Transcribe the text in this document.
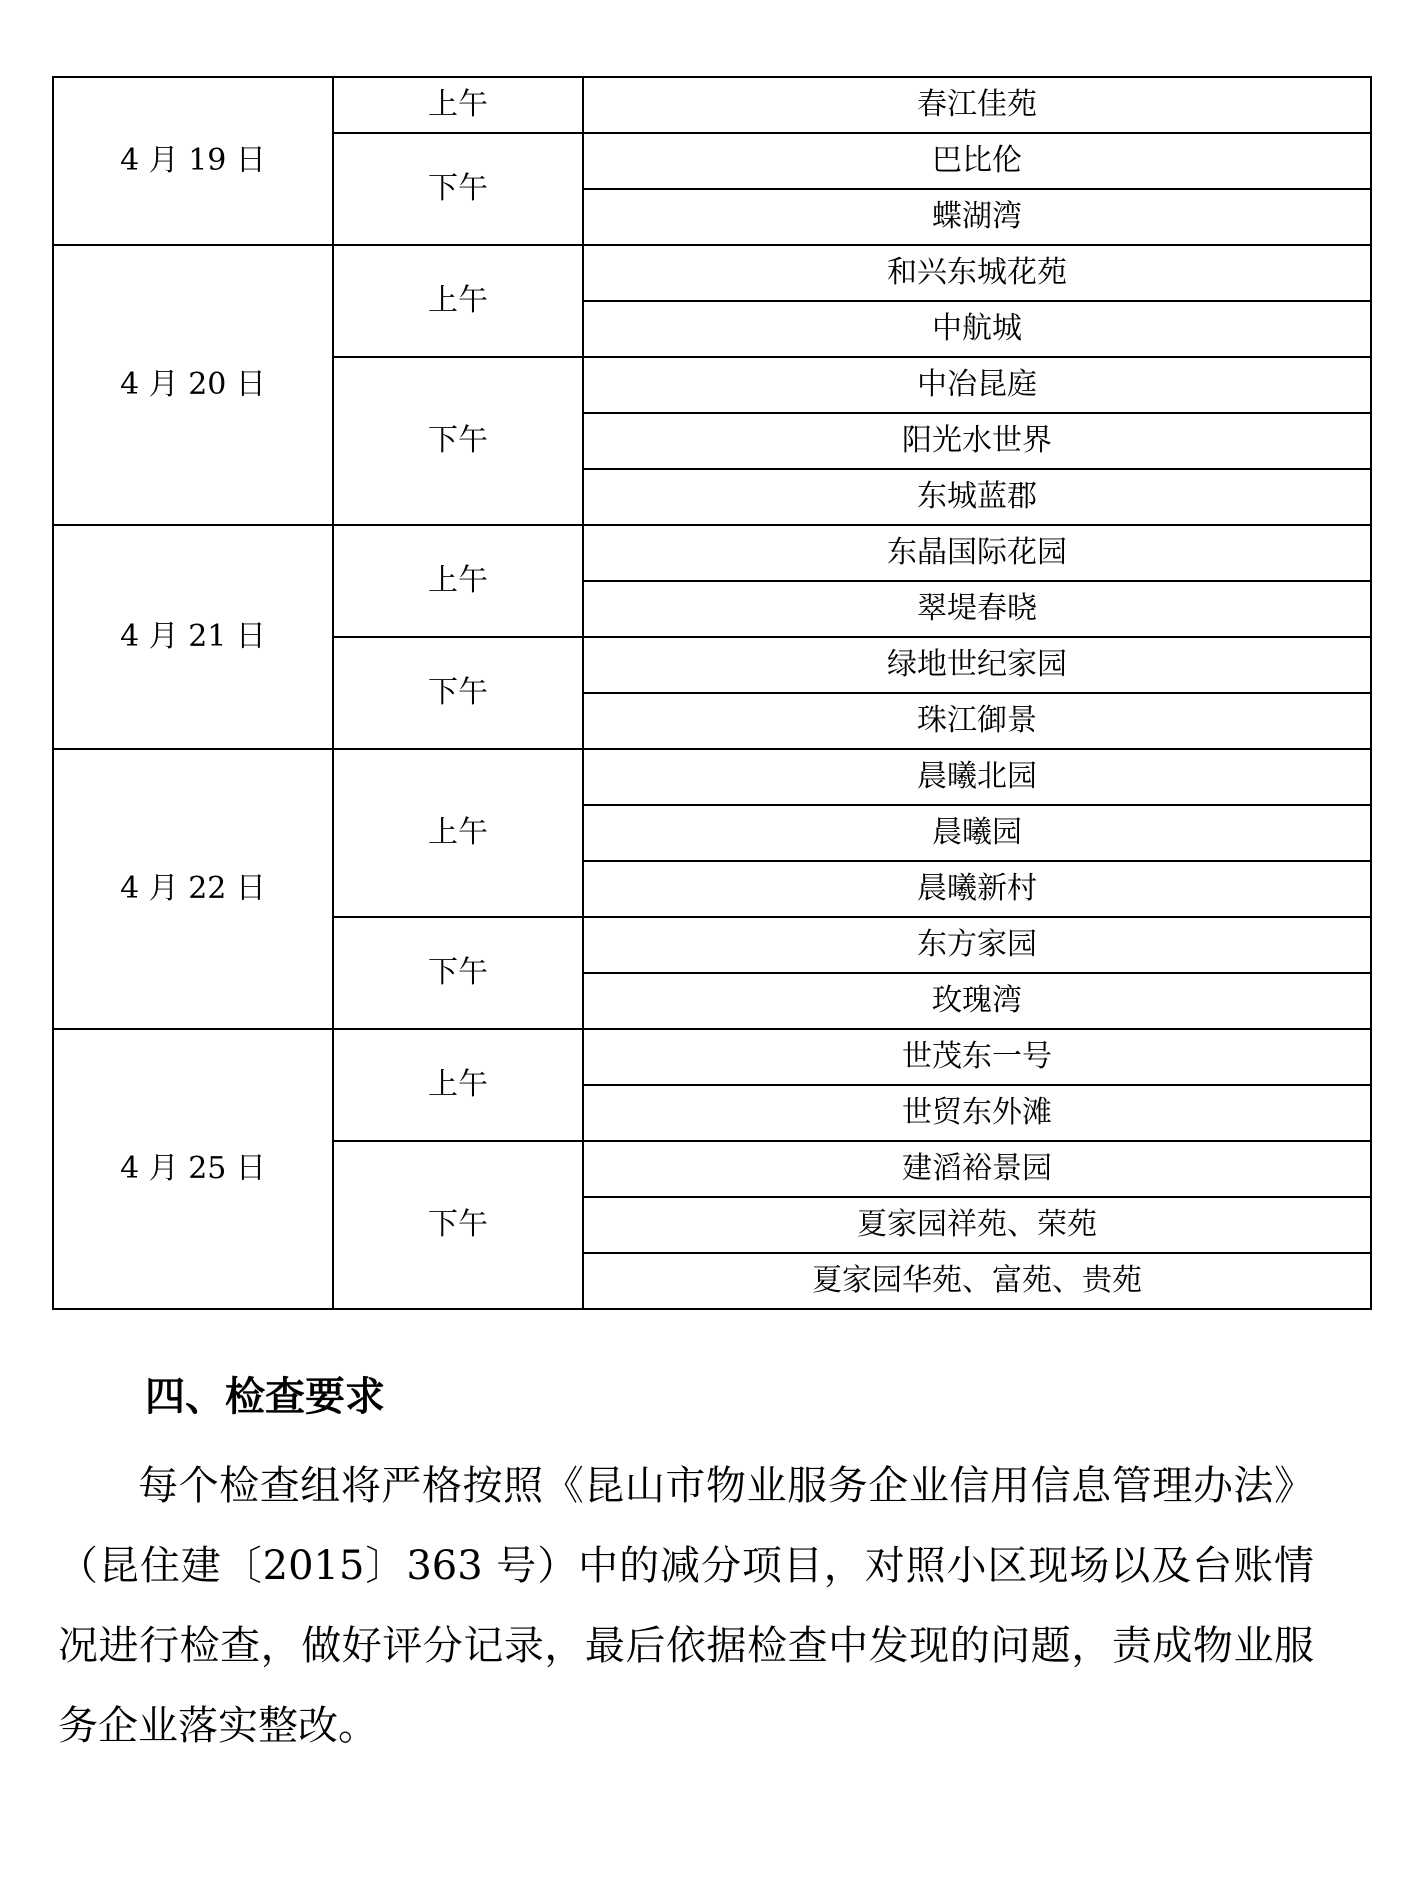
4 月 19 日	上午	春江佳苑
	下午	巴比伦
		蝶湖湾
4 月 20 日	上午	和兴东城花苑
		中航城
	下午	中冶昆庭
		阳光水世界
		东城蓝郡
4 月 21 日	上午	东晶国际花园
		翠堤春晓
	下午	绿地世纪家园
		珠江御景
4 月 22 日	上午	晨曦北园
		晨曦园
		晨曦新村
	下午	东方家园
		玫瑰湾
4 月 25 日	上午	世茂东一号
		世贸东外滩
	下午	建滔裕景园
		夏家园祥苑、荣苑
		夏家园华苑、富苑、贵苑
四、检查要求

每个检查组将严格按照《昆山市物业服务企业信用信息管理办法》（昆住建〔2015〕363 号）中的减分项目，对照小区现场以及台账情况进行检查，做好评分记录，最后依据检查中发现的问题，责成物业服务企业落实整改。
